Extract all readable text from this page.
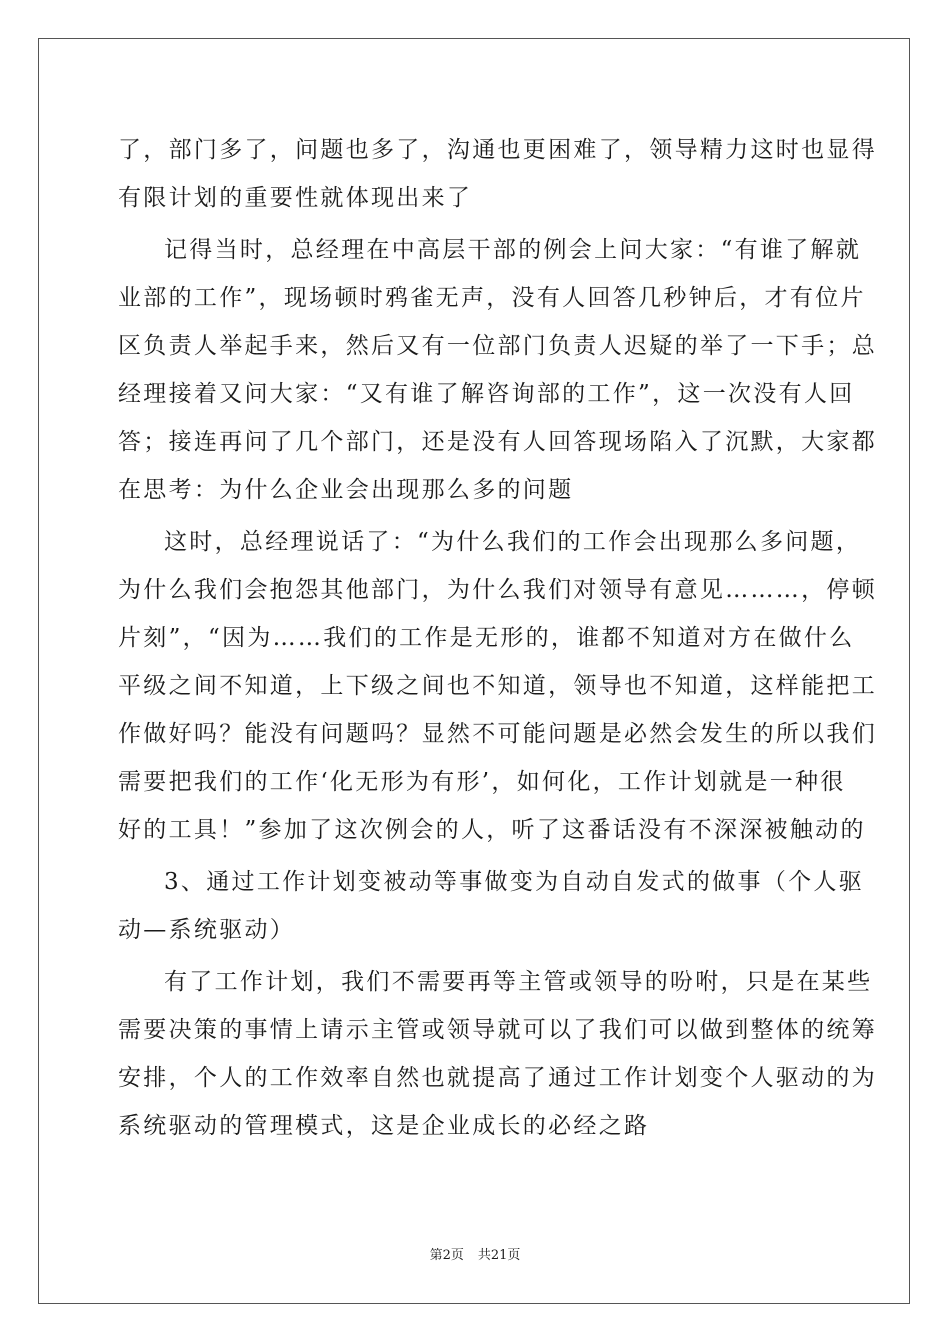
了，部门多了，问题也多了，沟通也更困难了，领导精力这时也显得
有限计划的重要性就体现出来了
记得当时，总经理在中高层干部的例会上问大家：“有谁了解就
业部的工作”，现场顿时鸦雀无声，没有人回答几秒钟后，才有位片
区负责人举起手来，然后又有一位部门负责人迟疑的举了一下手；总
经理接着又问大家：“又有谁了解咨询部的工作”，这一次没有人回
答；接连再问了几个部门，还是没有人回答现场陷入了沉默，大家都
在思考：为什么企业会出现那么多的问题
这时，总经理说话了：“为什么我们的工作会出现那么多问题，
为什么我们会抱怨其他部门，为什么我们对领导有意见………，停顿
片刻”，“因为……我们的工作是无形的，谁都不知道对方在做什么
平级之间不知道，上下级之间也不知道，领导也不知道，这样能把工
作做好吗？能没有问题吗？显然不可能问题是必然会发生的所以我们
需要把我们的工作‘化无形为有形’，如何化，工作计划就是一种很
好的工具！”参加了这次例会的人，听了这番话没有不深深被触动的
3、通过工作计划变被动等事做变为自动自发式的做事（个人驱
动—系统驱动）
有了工作计划，我们不需要再等主管或领导的吩咐，只是在某些
需要决策的事情上请示主管或领导就可以了我们可以做到整体的统筹
安排，个人的工作效率自然也就提高了通过工作计划变个人驱动的为
系统驱动的管理模式，这是企业成长的必经之路
第2页 共21页
